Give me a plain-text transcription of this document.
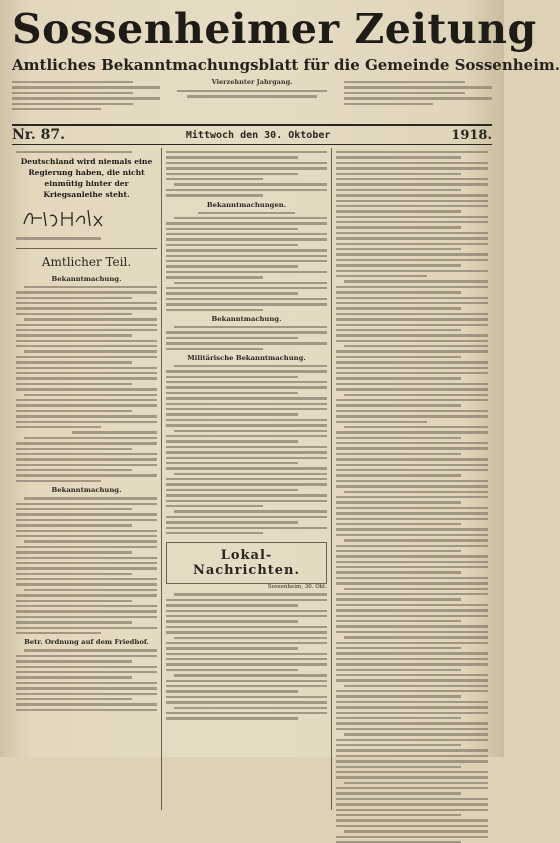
Sossenheimer Zeitung
Amtliches Bekanntmachungsblatt für die Gemeinde Sossenheim.
Vierzehnter Jahrgang.
Nr. 87.	Mittwoch den 30. Oktober	1918.
Deutschland wird niemals eine Regierung haben, die nicht einmütig hinter der Kriegsanleihe steht.
Amtlicher Teil.
Bekanntmachung.
Bekanntmachung.
Betr. Ordnung auf dem Friedhof.
Bekanntmachungen.
Bekanntmachung.
Militärische Bekanntmachung.
Lokal-Nachrichten.
Sossenheim, 30. Okt.
